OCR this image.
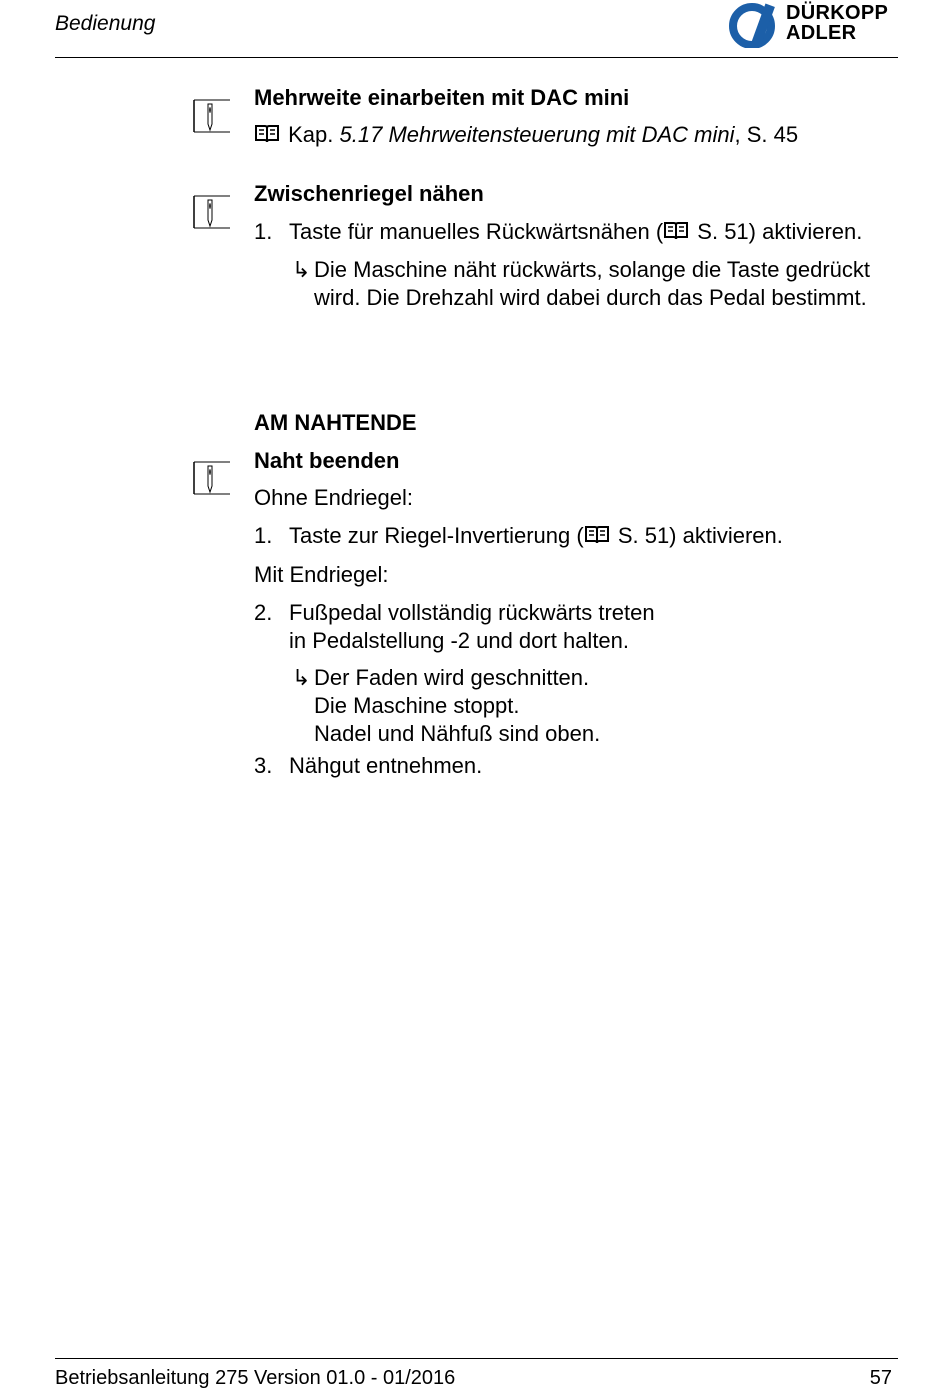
Bedienung	DÜRKOPP
ADLER
Mehrweite einarbeiten mit DAC mini
Kap. 5.17 Mehrweitensteuerung mit DAC mini, S. 45
Zwischenriegel nähen
1. Taste für manuelles Rückwärtsnähen ( S. 51) aktivieren.
↳ Die Maschine näht rückwärts, solange die Taste gedrückt
wird. Die Drehzahl wird dabei durch das Pedal bestimmt.
AM NAHTENDE
Naht beenden
Ohne Endriegel:
1. Taste zur Riegel-Invertierung ( S. 51) aktivieren.
Mit Endriegel:
2. Fußpedal vollständig rückwärts treten
in Pedalstellung -2 und dort halten.
↳ Der Faden wird geschnitten.
Die Maschine stoppt.
Nadel und Nähfuß sind oben.
3. Nähgut entnehmen.
Betriebsanleitung 275 Version 01.0 - 01/2016	57
